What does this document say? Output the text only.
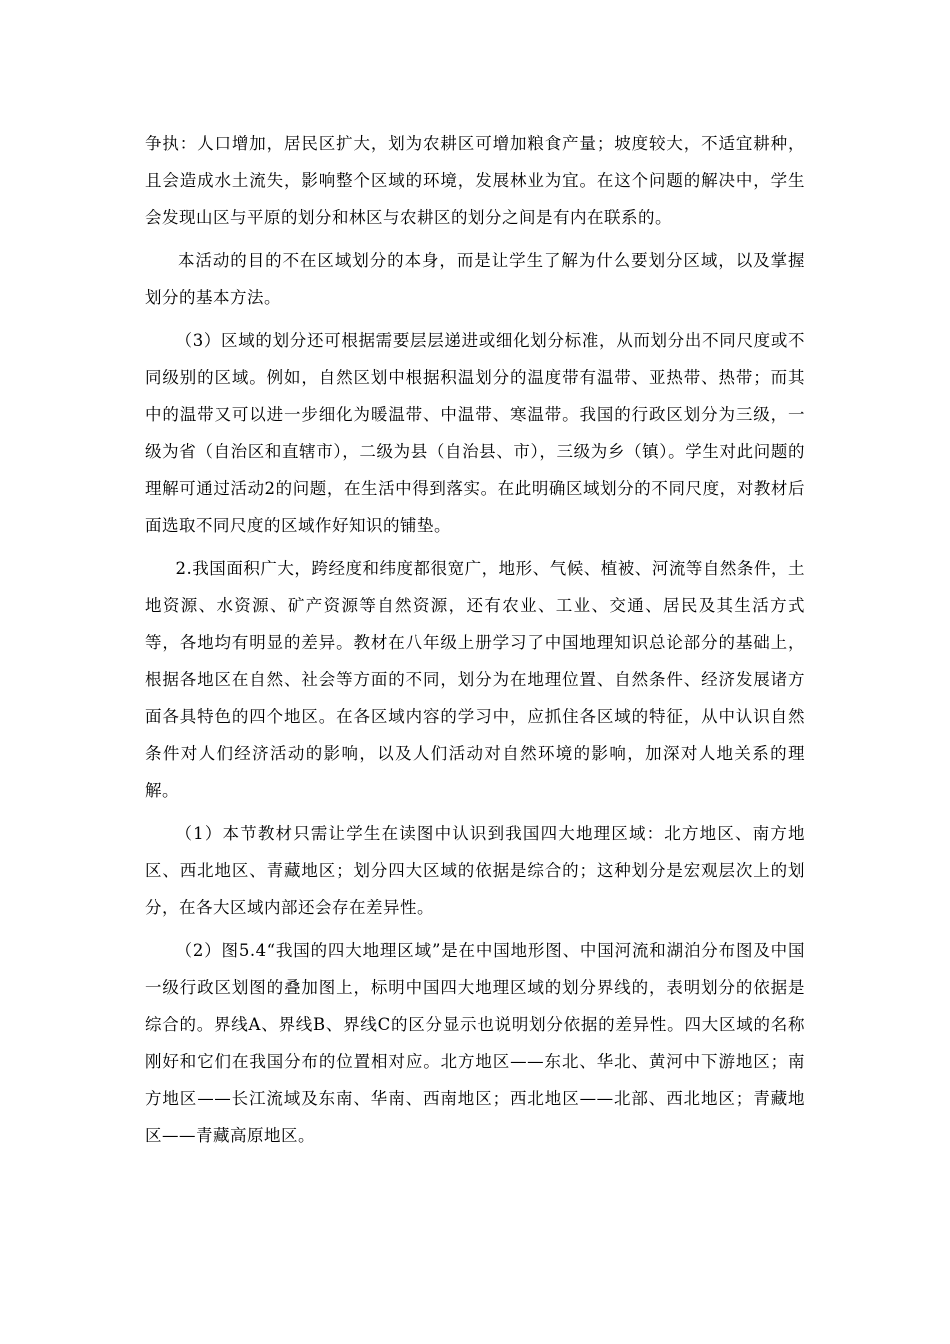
争执：人口增加，居民区扩大，划为农耕区可增加粮食产量；坡度较大，不适宜耕种，且会造成水土流失，影响整个区域的环境，发展林业为宜。在这个问题的解决中，学生会发现山区与平原的划分和林区与农耕区的划分之间是有内在联系的。

本活动的目的不在区域划分的本身，而是让学生了解为什么要划分区域，以及掌握划分的基本方法。

（3）区域的划分还可根据需要层层递进或细化划分标准，从而划分出不同尺度或不同级别的区域。例如，自然区划中根据积温划分的温度带有温带、亚热带、热带；而其中的温带又可以进一步细化为暖温带、中温带、寒温带。我国的行政区划分为三级，一级为省（自治区和直辖市），二级为县（自治县、市），三级为乡（镇）。学生对此问题的理解可通过活动2的问题，在生活中得到落实。在此明确区域划分的不同尺度，对教材后面选取不同尺度的区域作好知识的铺垫。

2.我国面积广大，跨经度和纬度都很宽广，地形、气候、植被、河流等自然条件，土地资源、水资源、矿产资源等自然资源，还有农业、工业、交通、居民及其生活方式等，各地均有明显的差异。教材在八年级上册学习了中国地理知识总论部分的基础上，根据各地区在自然、社会等方面的不同，划分为在地理位置、自然条件、经济发展诸方面各具特色的四个地区。在各区域内容的学习中，应抓住各区域的特征，从中认识自然条件对人们经济活动的影响，以及人们活动对自然环境的影响，加深对人地关系的理解。

（1）本节教材只需让学生在读图中认识到我国四大地理区域：北方地区、南方地区、西北地区、青藏地区；划分四大区域的依据是综合的；这种划分是宏观层次上的划分，在各大区域内部还会存在差异性。

（2）图5.4“我国的四大地理区域”是在中国地形图、中国河流和湖泊分布图及中国一级行政区划图的叠加图上，标明中国四大地理区域的划分界线的，表明划分的依据是综合的。界线A、界线B、界线C的区分显示也说明划分依据的差异性。四大区域的名称刚好和它们在我国分布的位置相对应。北方地区——东北、华北、黄河中下游地区；南方地区——长江流域及东南、华南、西南地区；西北地区——北部、西北地区；青藏地区——青藏高原地区。
